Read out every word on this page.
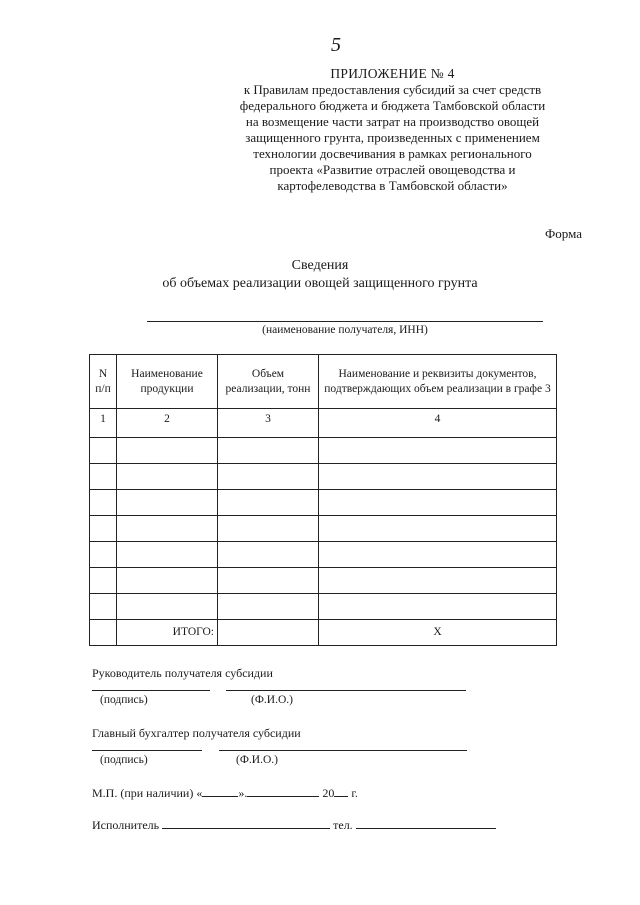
5
ПРИЛОЖЕНИЕ № 4
к Правилам предоставления субсидий за счет средств
федерального бюджета и бюджета Тамбовской области
на возмещение части затрат на производство овощей
защищенного грунта, произведенных с применением
технологии досвечивания в рамках регионального
проекта «Развитие отраслей овощеводства и
картофелеводства в Тамбовской области»
Форма
Сведения
об объемах реализации овощей защищенного грунта
(наименование получателя, ИНН)
N п/п	Наименование продукции	Объем реализации, тонн	Наименование и реквизиты документов, подтверждающих объем реализации в графе 3
1	2	3	4

	ИТОГО:		X
Руководитель получателя субсидии
(подпись)	(Ф.И.О.)
Главный бухгалтер получателя субсидии
(подпись)	(Ф.И.О.)
М.П. (при наличии) «	».	20 г.
Исполнитель	тел.
